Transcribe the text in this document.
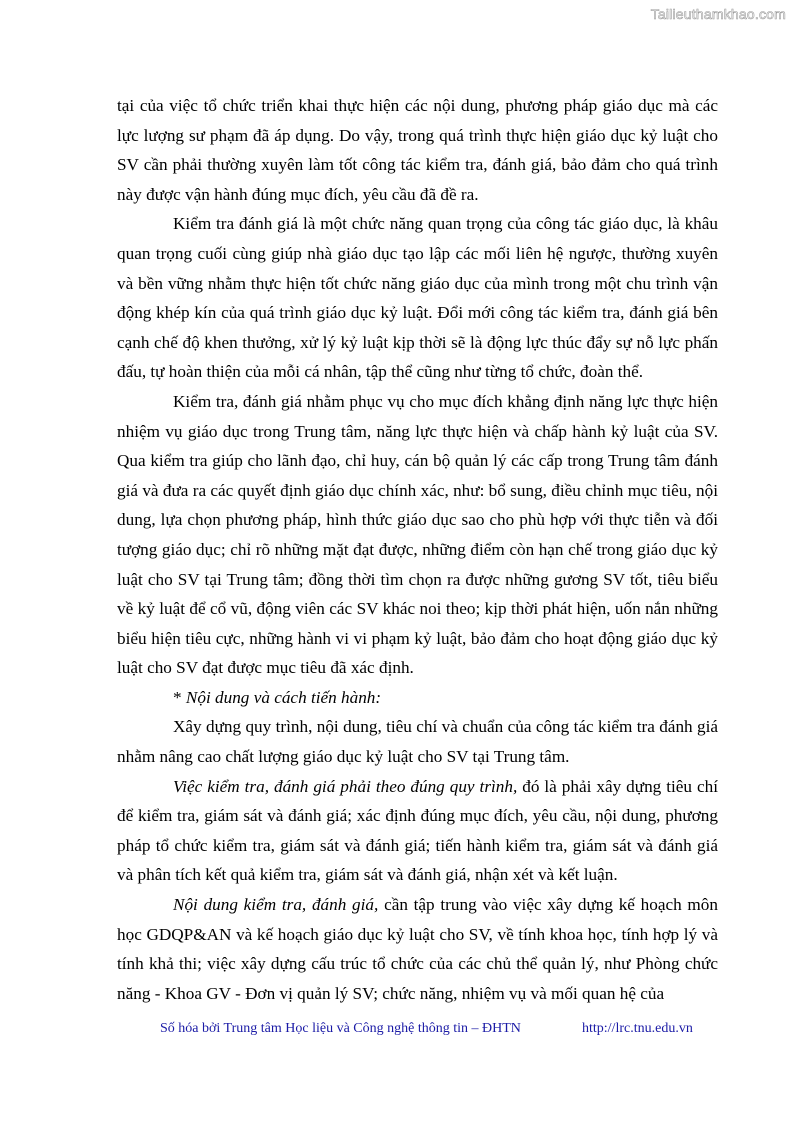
Tailieuthamkhao.com

tại của việc tổ chức triển khai thực hiện các nội dung, phương pháp giáo dục mà các lực lượng sư phạm đã áp dụng. Do vậy, trong quá trình thực hiện giáo dục kỷ luật cho SV cần phải thường xuyên làm tốt công tác kiểm tra, đánh giá, bảo đảm cho quá trình này được vận hành đúng mục đích, yêu cầu đã đề ra.

Kiểm tra đánh giá là một chức năng quan trọng của công tác giáo dục, là khâu quan trọng cuối cùng giúp nhà giáo dục tạo lập các mối liên hệ ngược, thường xuyên và bền vững nhằm thực hiện tốt chức năng giáo dục của mình trong một chu trình vận động khép kín của quá trình giáo dục kỷ luật. Đổi mới công tác kiểm tra, đánh giá bên cạnh chế độ khen thưởng, xử lý kỷ luật kịp thời sẽ là động lực thúc đẩy sự nỗ lực phấn đấu, tự hoàn thiện của mỗi cá nhân, tập thể cũng như từng tổ chức, đoàn thể.

Kiểm tra, đánh giá nhằm phục vụ cho mục đích khẳng định năng lực thực hiện nhiệm vụ giáo dục trong Trung tâm, năng lực thực hiện và chấp hành kỷ luật của SV. Qua kiểm tra giúp cho lãnh đạo, chỉ huy, cán bộ quản lý các cấp trong Trung tâm đánh giá và đưa ra các quyết định giáo dục chính xác, như: bổ sung, điều chỉnh mục tiêu, nội dung, lựa chọn phương pháp, hình thức giáo dục sao cho phù hợp với thực tiễn và đối tượng giáo dục; chỉ rõ những mặt đạt được, những điểm còn hạn chế trong giáo dục kỷ luật cho SV tại Trung tâm; đồng thời tìm chọn ra được những gương SV tốt, tiêu biểu về kỷ luật để cổ vũ, động viên các SV khác noi theo; kịp thời phát hiện, uốn nắn những biểu hiện tiêu cực, những hành vi vi phạm kỷ luật, bảo đảm cho hoạt động giáo dục kỷ luật cho SV đạt được mục tiêu đã xác định.

* Nội dung và cách tiến hành:

Xây dựng quy trình, nội dung, tiêu chí và chuẩn của công tác kiểm tra đánh giá nhằm nâng cao chất lượng giáo dục kỷ luật cho SV tại Trung tâm.

Việc kiểm tra, đánh giá phải theo đúng quy trình, đó là phải xây dựng tiêu chí để kiểm tra, giám sát và đánh giá; xác định đúng mục đích, yêu cầu, nội dung, phương pháp tổ chức kiểm tra, giám sát và đánh giá; tiến hành kiểm tra, giám sát và đánh giá và phân tích kết quả kiểm tra, giám sát và đánh giá, nhận xét và kết luận.

Nội dung kiểm tra, đánh giá, cần tập trung vào việc xây dựng kế hoạch môn học GDQP&AN và kế hoạch giáo dục kỷ luật cho SV, về tính khoa học, tính hợp lý và tính khả thi; việc xây dựng cấu trúc tổ chức của các chủ thể quản lý, như Phòng chức năng - Khoa GV - Đơn vị quản lý SV; chức năng, nhiệm vụ và mối quan hệ của

Số hóa bởi Trung tâm Học liệu và Công nghệ thông tin – ĐHTN	http://lrc.tnu.edu.vn
